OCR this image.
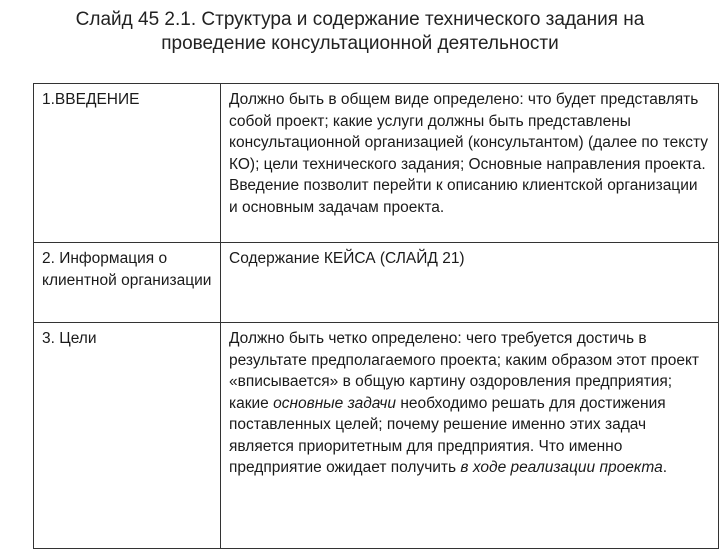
Слайд 45 2.1. Структура и содержание технического задания на
проведение консультационной деятельности
1.ВВЕДЕНИЕ	Должно быть в общем виде определено: что будет представлять собой проект; какие услуги должны быть представлены консультационной организацией (консультантом) (далее по тексту КО); цели технического задания; Основные направления проекта. Введение позволит перейти к описанию клиентской организации и основным задачам проекта.
2. Информация о клиентной организации	Содержание КЕЙСА (СЛАЙД 21)
3. Цели	Должно быть четко определено: чего требуется достичь в результате предполагаемого проекта; каким образом этот проект «вписывается» в общую картину оздоровления предприятия; какие основные задачи необходимо решать для достижения поставленных целей; почему решение именно этих задач является приоритетным для предприятия. Что именно предприятие ожидает получить в ходе реализации проекта.
